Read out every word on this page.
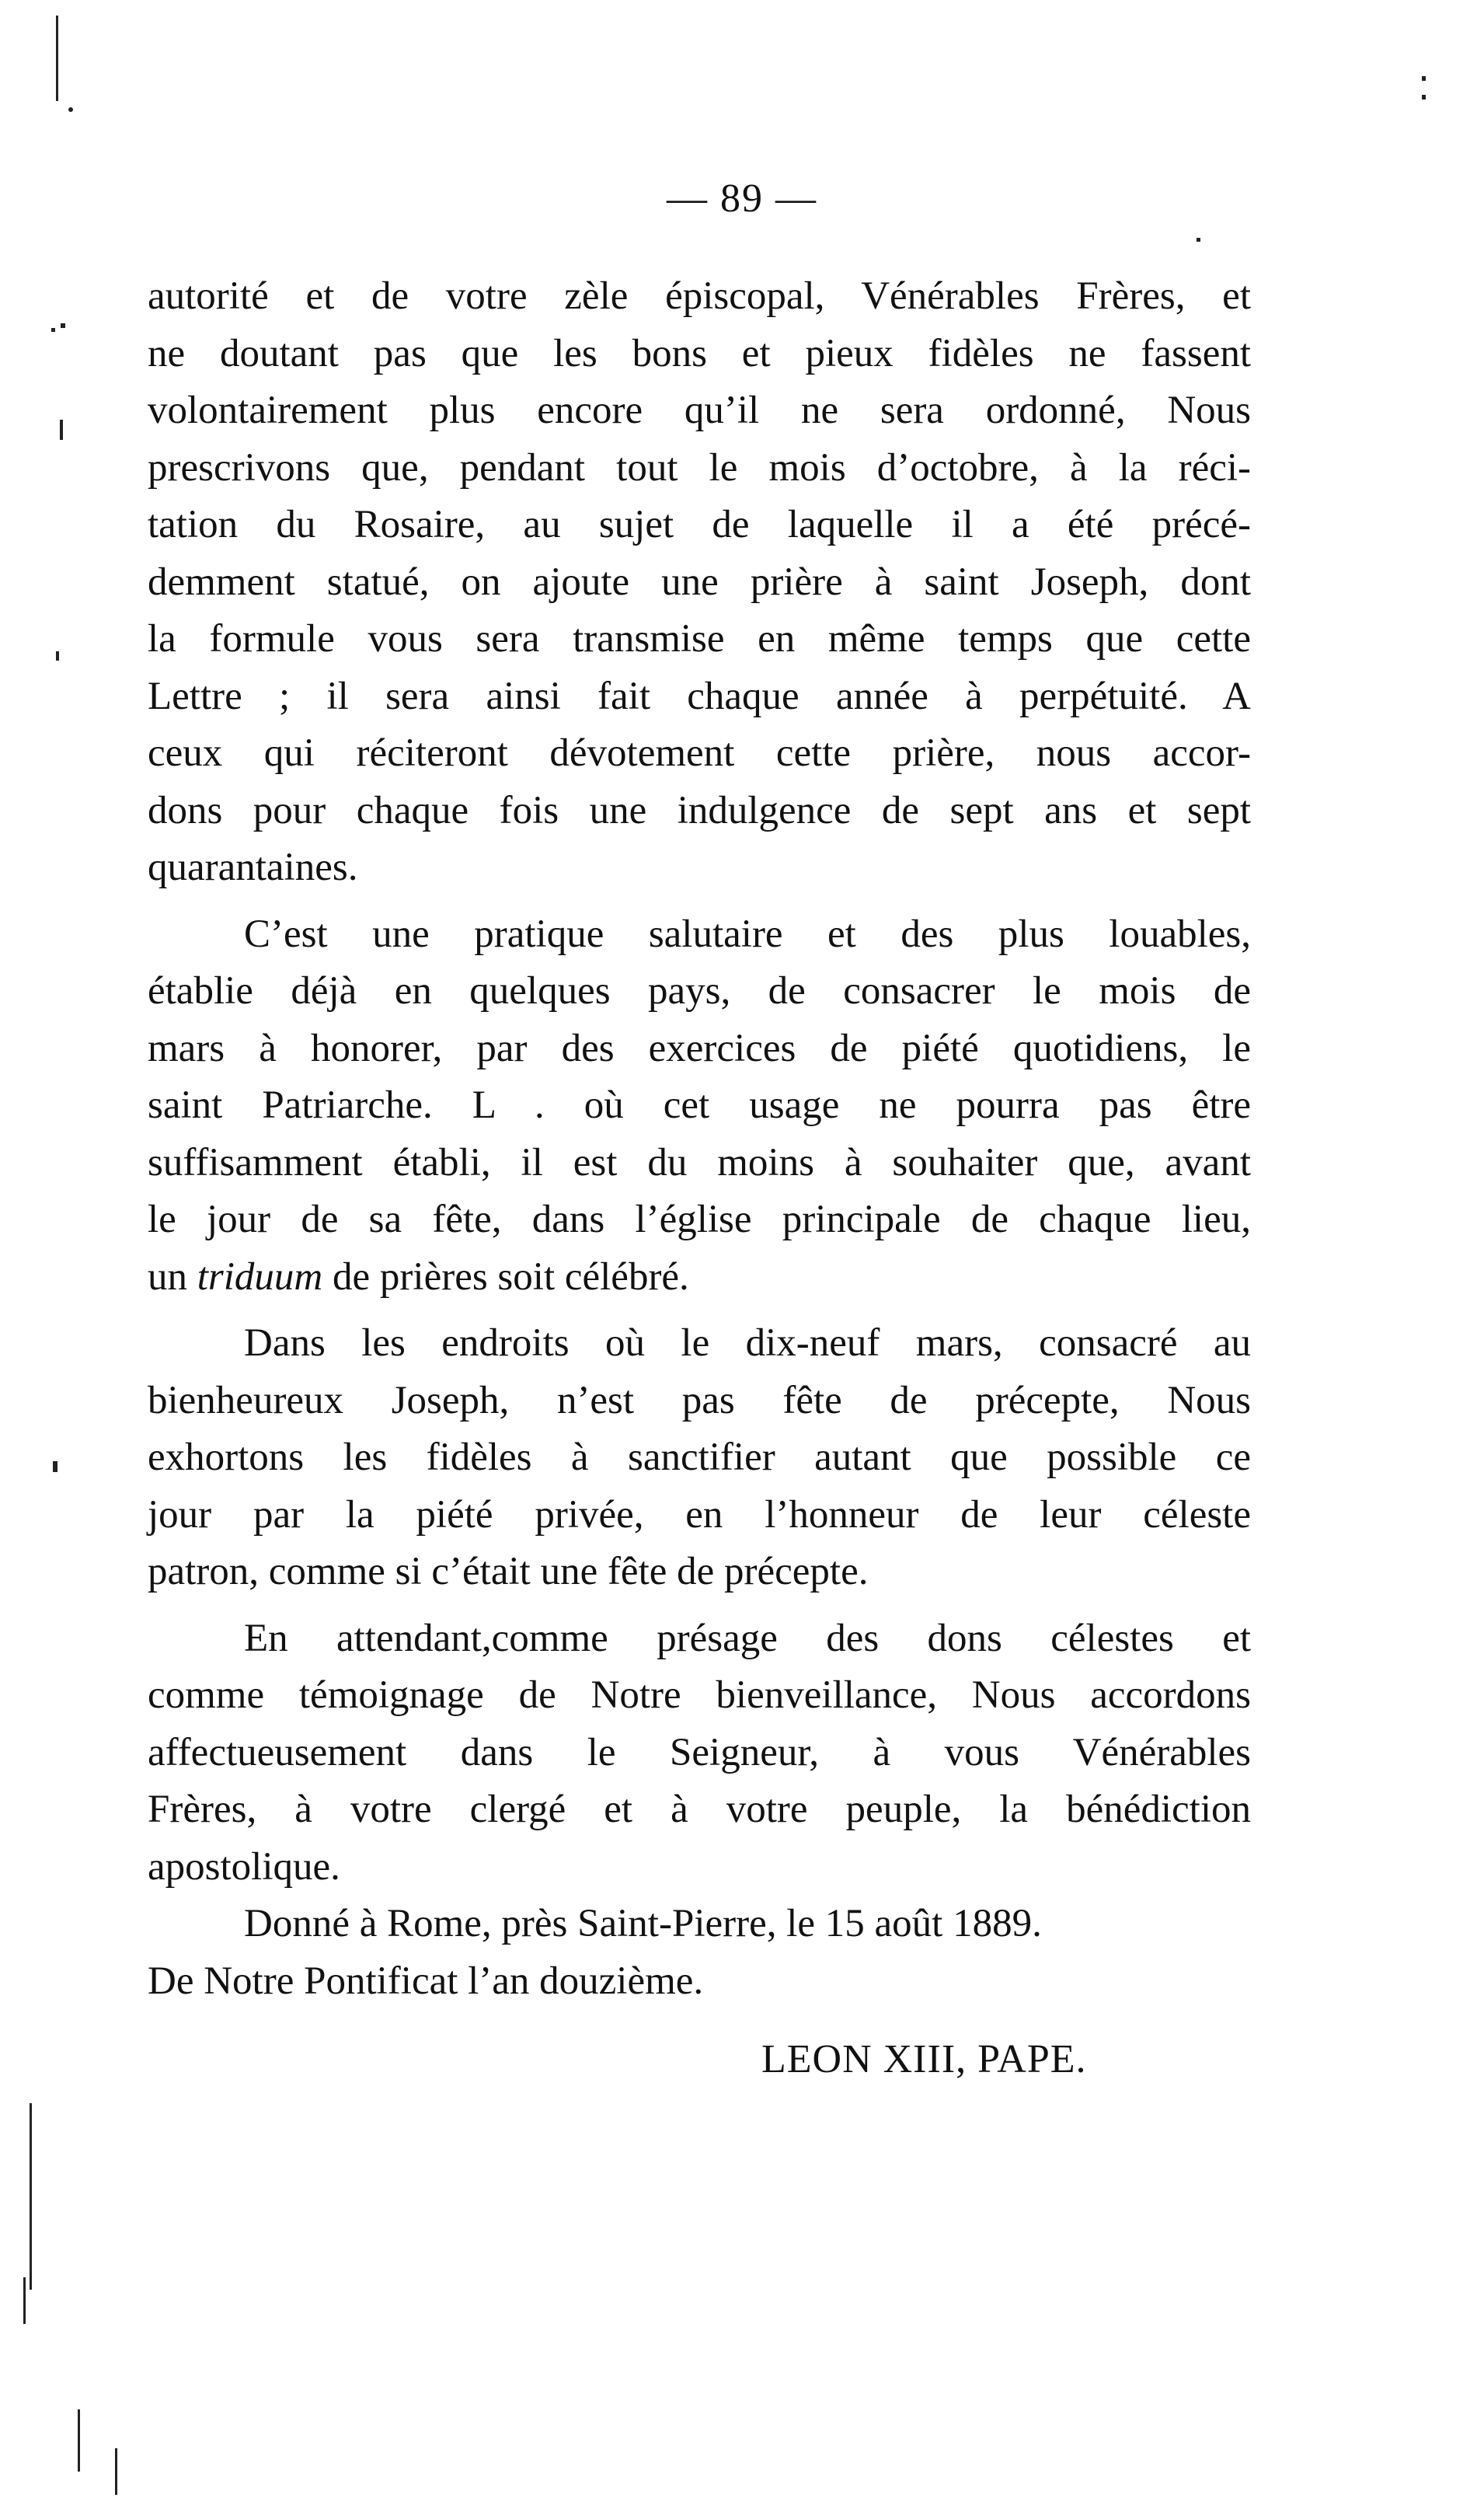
— 89 —
autorité et de votre zèle épiscopal, Vénérables Frères, et
ne doutant pas que les bons et pieux fidèles ne fassent
volontairement plus encore qu’il ne sera ordonné, Nous
prescrivons que, pendant tout le mois d’octobre, à la réci-
tation du Rosaire, au sujet de laquelle il a été précé-
demment statué, on ajoute une prière à saint Joseph, dont
la formule vous sera transmise en même temps que cette
Lettre ; il sera ainsi fait chaque année à perpétuité. A
ceux qui réciteront dévotement cette prière, nous accor-
dons pour chaque fois une indulgence de sept ans et sept
quarantaines.
C’est une pratique salutaire et des plus louables,
établie déjà en quelques pays, de consacrer le mois de
mars à honorer, par des exercices de piété quotidiens, le
saint Patriarche. L . où cet usage ne pourra pas être
suffisamment établi, il est du moins à souhaiter que, avant
le jour de sa fête, dans l’église principale de chaque lieu,
un triduum de prières soit célébré.
Dans les endroits où le dix-neuf mars, consacré au
bienheureux Joseph, n’est pas fête de précepte, Nous
exhortons les fidèles à sanctifier autant que possible ce
jour par la piété privée, en l’honneur de leur céleste
patron, comme si c’était une fête de précepte.
En attendant,comme présage des dons célestes et
comme témoignage de Notre bienveillance, Nous accordons
affectueusement dans le Seigneur, à vous Vénérables
Frères, à votre clergé et à votre peuple, la bénédiction
apostolique.
Donné à Rome, près Saint-Pierre, le 15 août 1889.
De Notre Pontificat l’an douzième.
LEON XIII, PAPE.
